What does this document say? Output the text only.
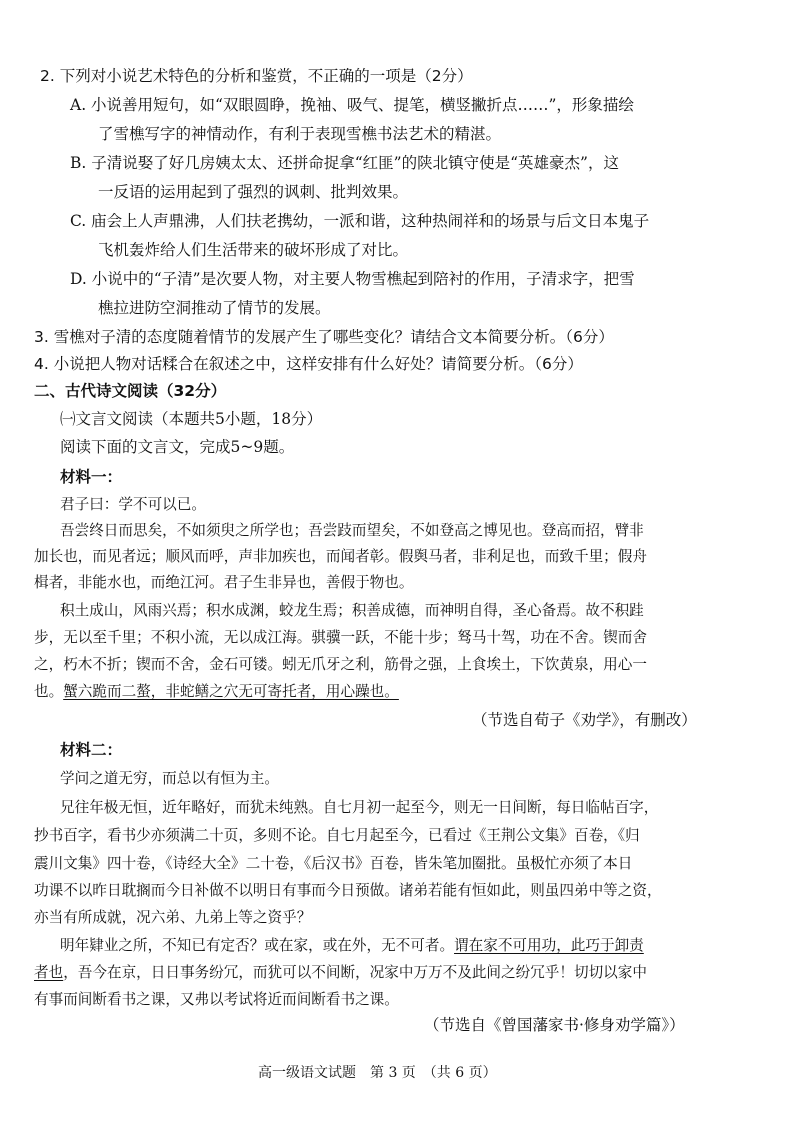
2. 下列对小说艺术特色的分析和鉴赏，不正确的一项是（2分）
A. 小说善用短句，如“双眼圆睁，挽袖、吸气、提笔，横竖撇折点……”，形象描绘
了雪樵写字的神情动作，有利于表现雪樵书法艺术的精湛。
B. 子清说娶了好几房姨太太、还拼命捉拿“红匪”的陕北镇守使是“英雄豪杰”，这
一反语的运用起到了强烈的讽刺、批判效果。
C. 庙会上人声鼎沸，人们扶老携幼，一派和谐，这种热闹祥和的场景与后文日本鬼子
飞机轰炸给人们生活带来的破坏形成了对比。
D. 小说中的“子清”是次要人物，对主要人物雪樵起到陪衬的作用，子清求字，把雪
樵拉进防空洞推动了情节的发展。
3. 雪樵对子清的态度随着情节的发展产生了哪些变化？请结合文本简要分析。（6分）
4. 小说把人物对话糅合在叙述之中，这样安排有什么好处？请简要分析。（6分）
二、古代诗文阅读（32分）
㈠文言文阅读（本题共5小题，18分）
阅读下面的文言文，完成5~9题。
材料一：
君子曰：学不可以已。
吾尝终日而思矣，不如须臾之所学也；吾尝跂而望矣，不如登高之博见也。登高而招，臂非
加长也，而见者远；顺风而呼，声非加疾也，而闻者彰。假舆马者，非利足也，而致千里；假舟
楫者，非能水也，而绝江河。君子生非异也，善假于物也。
积土成山，风雨兴焉；积水成渊，蛟龙生焉；积善成德，而神明自得，圣心备焉。故不积跬
步，无以至千里；不积小流，无以成江海。骐骥一跃，不能十步；驽马十驾，功在不舍。锲而舍
之，朽木不折；锲而不舍，金石可镂。蚓无爪牙之利，筋骨之强，上食埃土，下饮黄泉，用心一
也。蟹六跪而二螯，非蛇鳝之穴无可寄托者，用心躁也。
（节选自荀子《劝学》，有删改）
材料二：
学问之道无穷，而总以有恒为主。
兄往年极无恒，近年略好，而犹未纯熟。自七月初一起至今，则无一日间断，每日临帖百字，
抄书百字，看书少亦须满二十页，多则不论。自七月起至今，已看过《王荆公文集》百卷，《归
震川文集》四十卷，《诗经大全》二十卷，《后汉书》百卷，皆朱笔加圈批。虽极忙亦须了本日
功课不以昨日耽搁而今日补做不以明日有事而今日预做。诸弟若能有恒如此，则虽四弟中等之资，
亦当有所成就，况六弟、九弟上等之资乎？
明年肄业之所，不知已有定否？或在家，或在外，无不可者。谓在家不可用功，此巧于卸责
者也，吾今在京，日日事务纷冗，而犹可以不间断，况家中万万不及此间之纷冗乎！切切以家中
有事而间断看书之课，又弗以考试将近而间断看书之课。
（节选自《曾国藩家书·修身劝学篇》）
高一级语文试题　第 3 页　（共 6 页）
